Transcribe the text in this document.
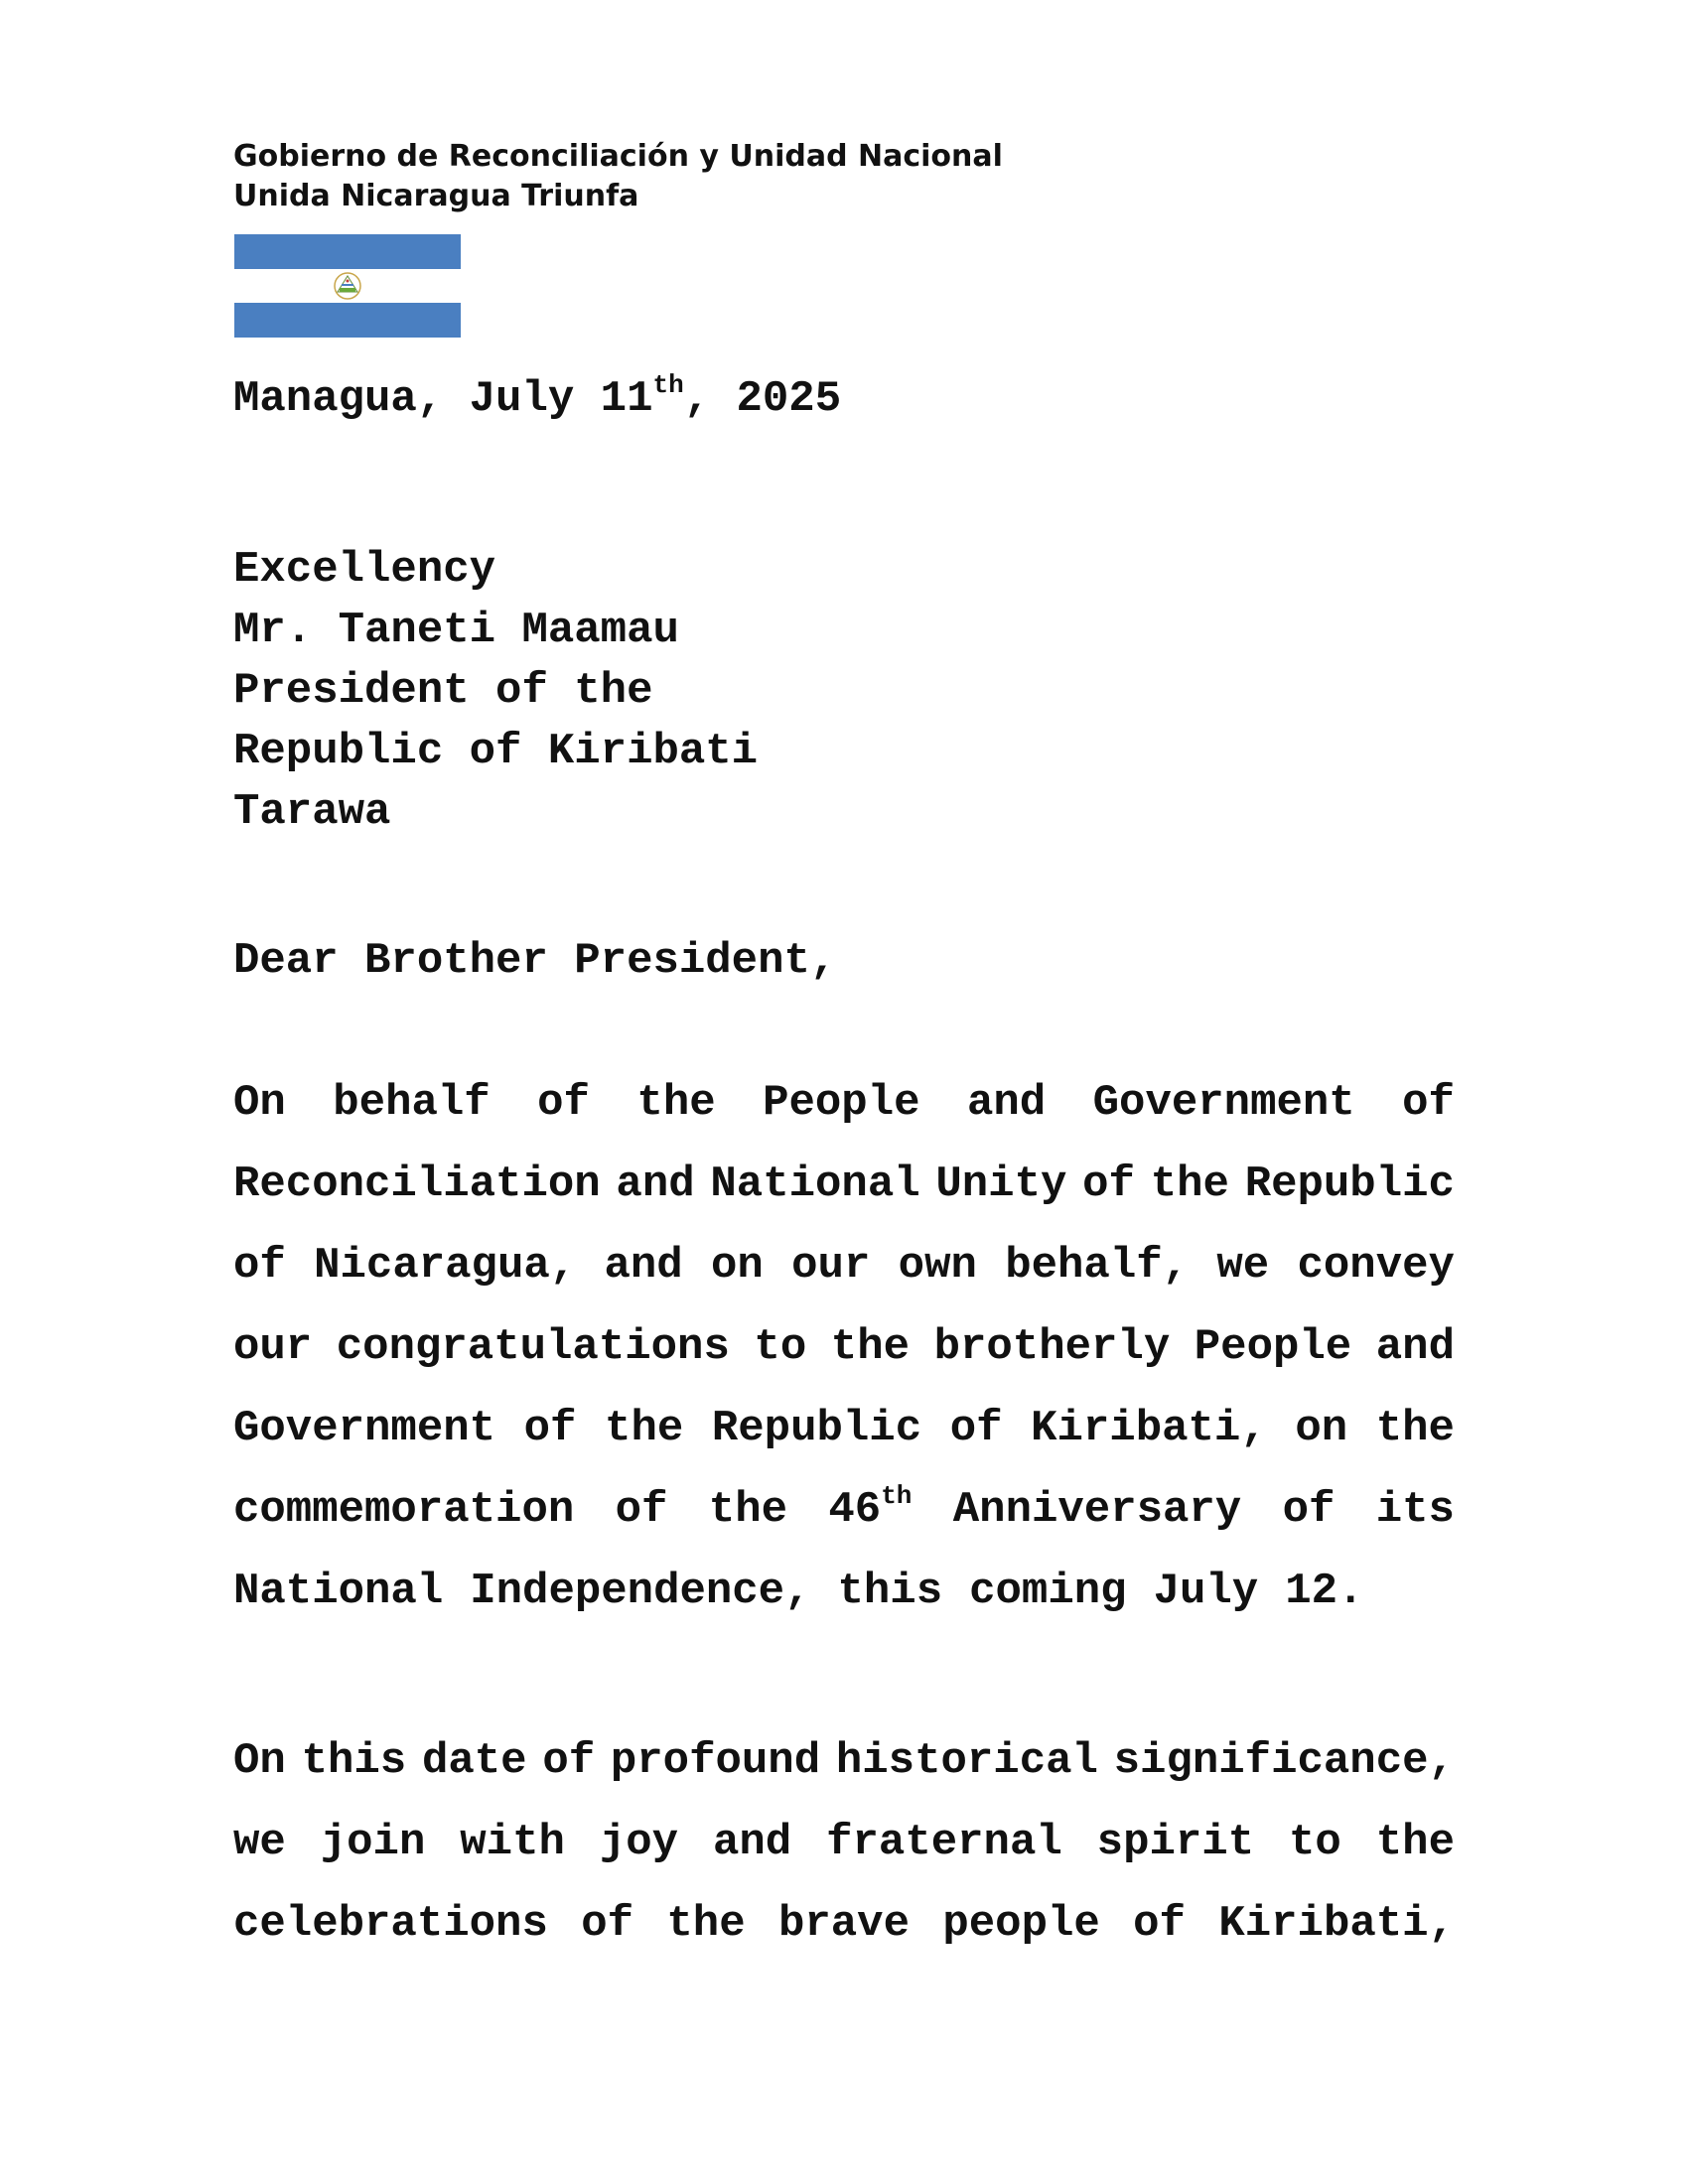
Gobierno de Reconciliación y Unidad Nacional
Unida Nicaragua Triunfa
Managua, July 11th, 2025
Excellency
Mr. Taneti Maamau
President of the
Republic of Kiribati
Tarawa
Dear Brother President,
On behalf of the People and Government of
Reconciliation and National Unity of the Republic
of Nicaragua, and on our own behalf, we convey
our congratulations to the brotherly People and
Government of the Republic of Kiribati, on the
commemoration of the 46th Anniversary of its
National Independence, this coming July 12.
On this date of profound historical significance,
we join with joy and fraternal spirit to the
celebrations of the brave people of Kiribati,
